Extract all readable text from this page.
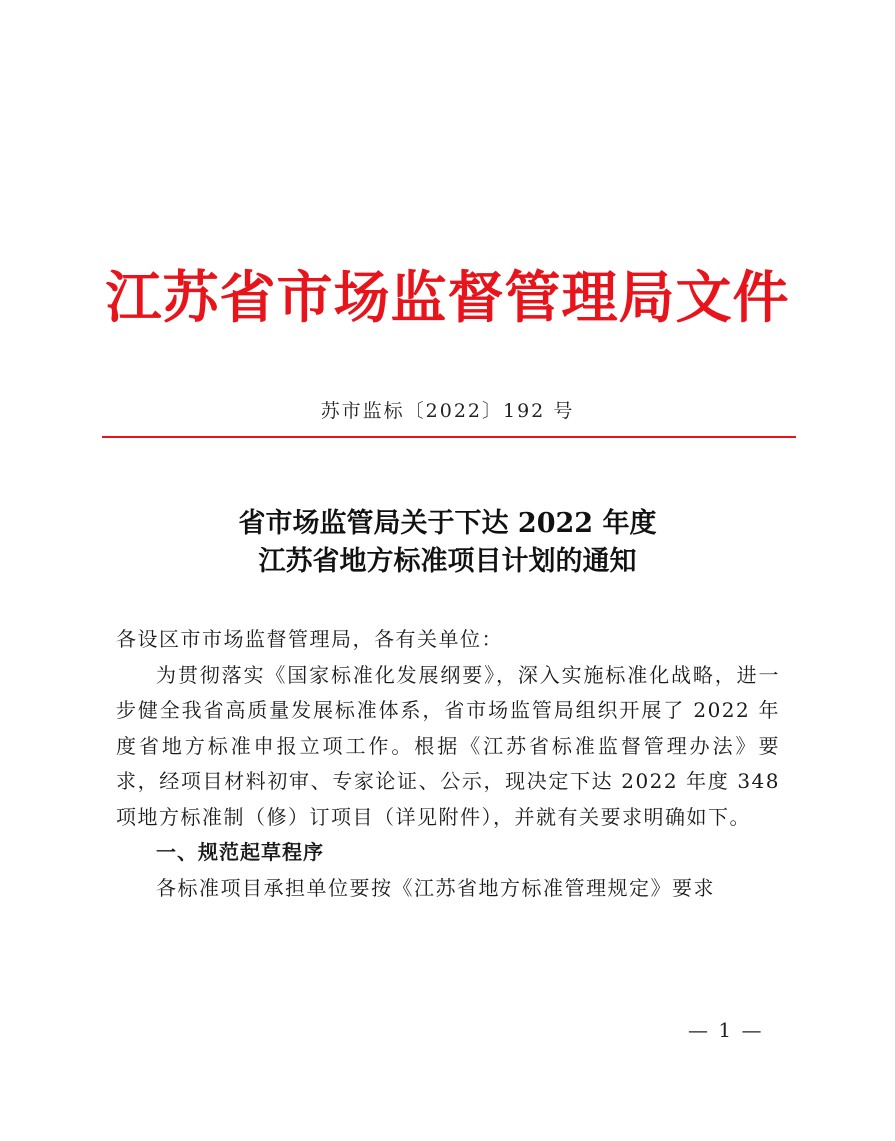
江苏省市场监督管理局文件
苏市监标〔2022〕192 号
省市场监管局关于下达 2022 年度
江苏省地方标准项目计划的通知

各设区市市场监督管理局，各有关单位：

为贯彻落实《国家标准化发展纲要》，深入实施标准化战略，进一步健全我省高质量发展标准体系，省市场监管局组织开展了 2022 年度省地方标准申报立项工作。根据《江苏省标准监督管理办法》要求，经项目材料初审、专家论证、公示，现决定下达 2022 年度 348 项地方标准制（修）订项目（详见附件），并就有关要求明确如下。

一、规范起草程序

各标准项目承担单位要按《江苏省地方标准管理规定》要求

— 1 —
